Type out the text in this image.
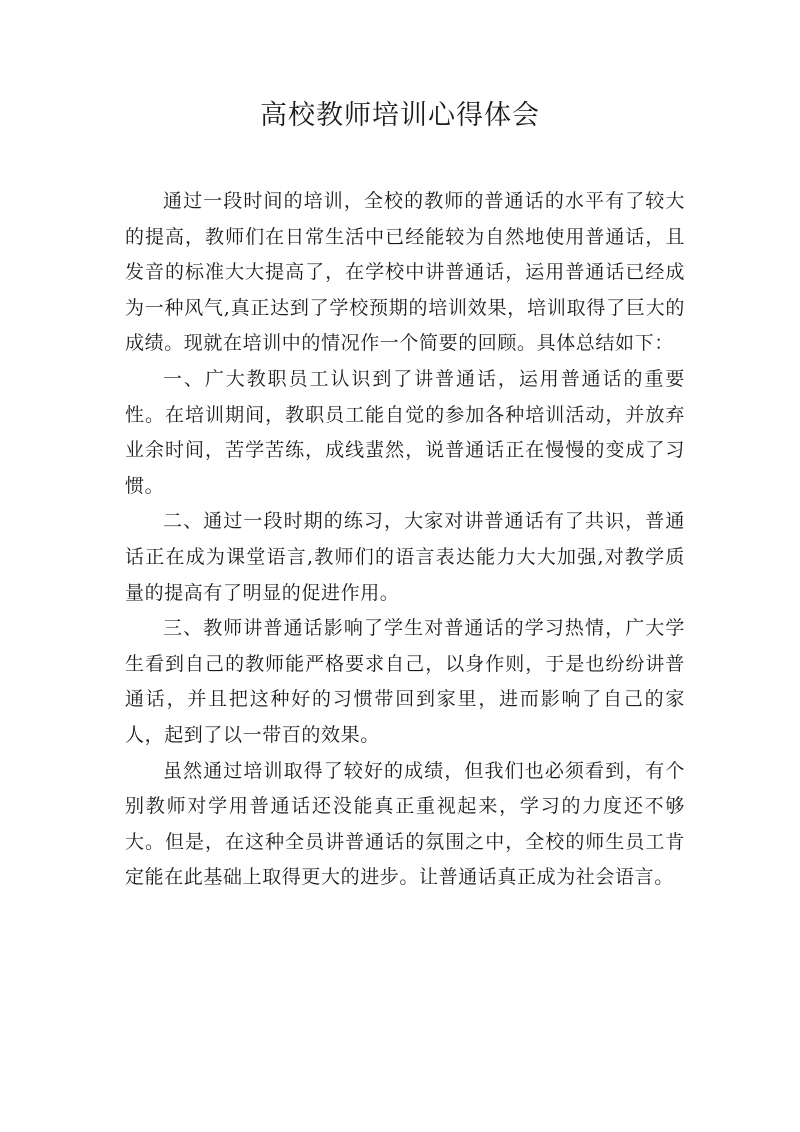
高校教师培训心得体会

通过一段时间的培训，全校的教师的普通话的水平有了较大的提高，教师们在日常生活中已经能较为自然地使用普通话，且发音的标准大大提高了，在学校中讲普通话，运用普通话已经成为一种风气,真正达到了学校预期的培训效果，培训取得了巨大的成绩。现就在培训中的情况作一个简要的回顾。具体总结如下：

一、广大教职员工认识到了讲普通话，运用普通话的重要性。在培训期间，教职员工能自觉的参加各种培训活动，并放弃业余时间，苦学苦练，成线蜚然，说普通话正在慢慢的变成了习惯。

二、通过一段时期的练习，大家对讲普通话有了共识，普通话正在成为课堂语言,教师们的语言表达能力大大加强,对教学质量的提高有了明显的促进作用。

三、教师讲普通话影响了学生对普通话的学习热情，广大学生看到自己的教师能严格要求自己，以身作则，于是也纷纷讲普通话，并且把这种好的习惯带回到家里，进而影响了自己的家人，起到了以一带百的效果。

虽然通过培训取得了较好的成绩，但我们也必须看到，有个别教师对学用普通话还没能真正重视起来，学习的力度还不够大。但是，在这种全员讲普通话的氛围之中，全校的师生员工肯定能在此基础上取得更大的进步。让普通话真正成为社会语言。
